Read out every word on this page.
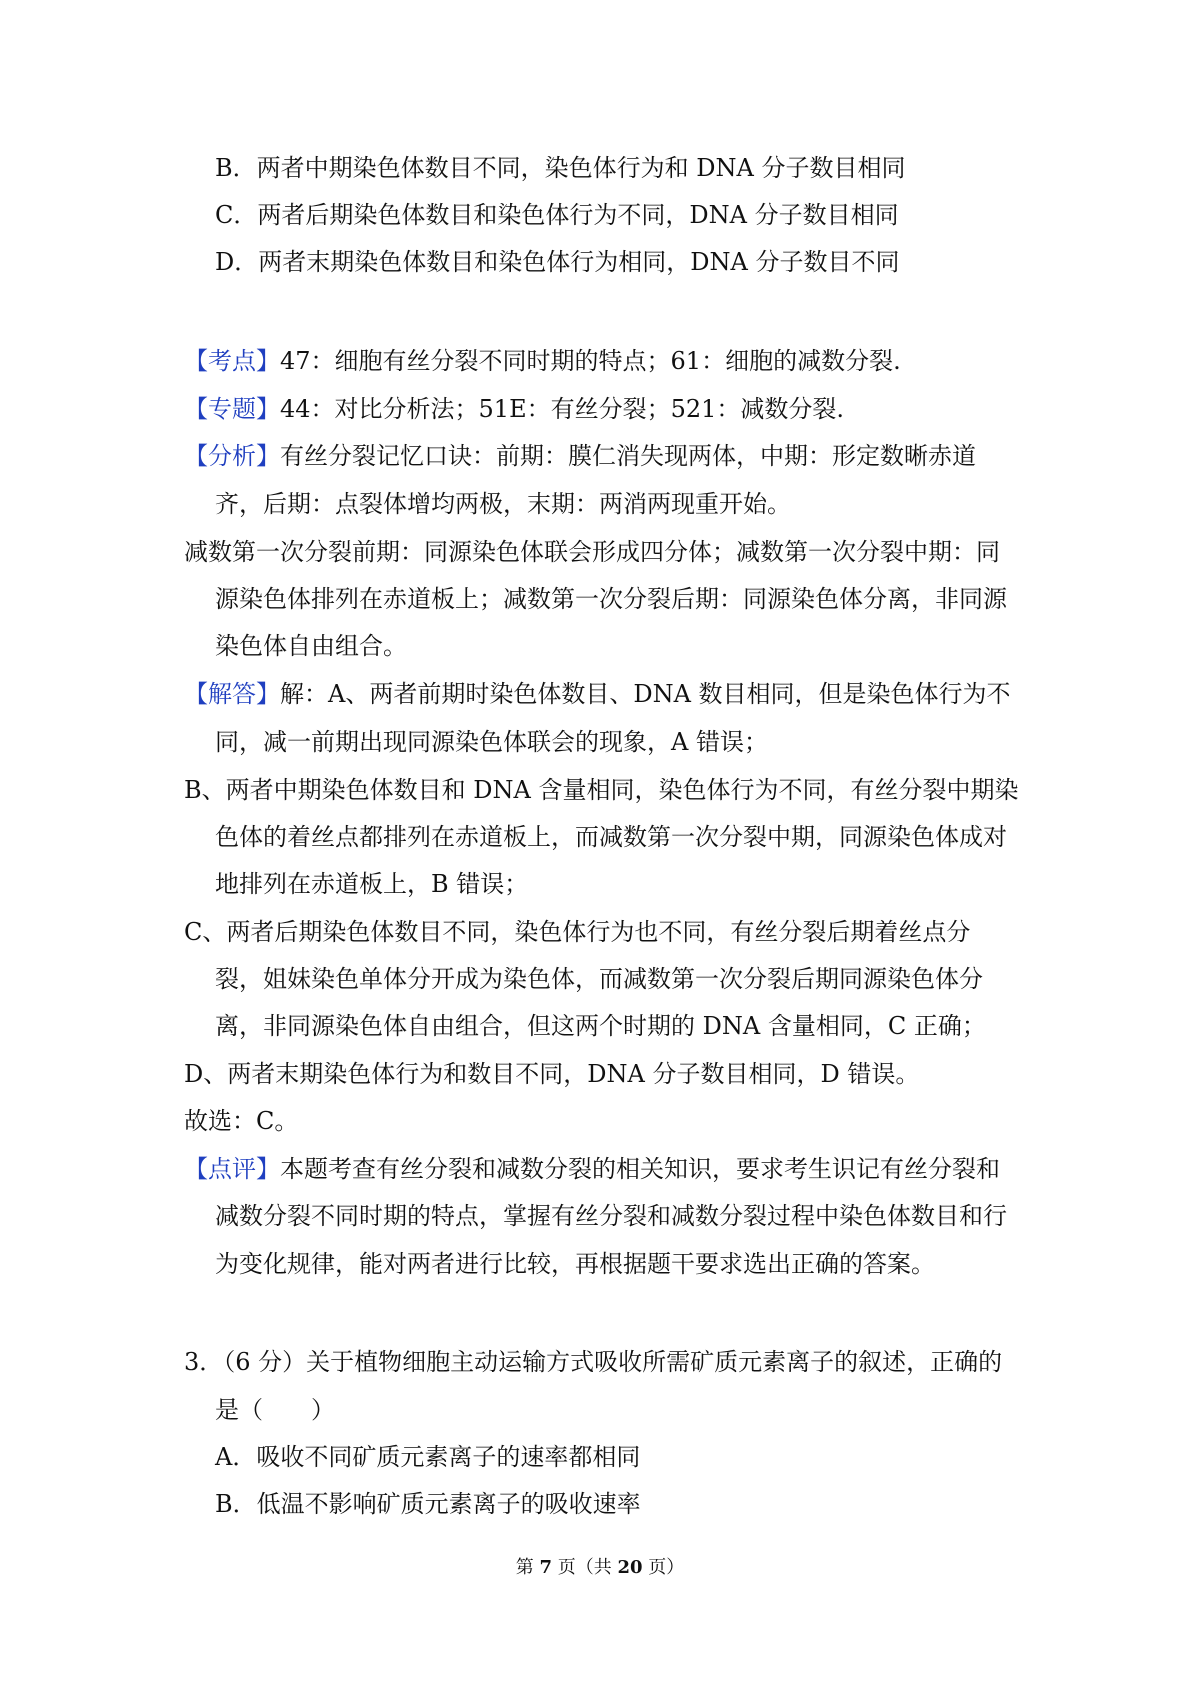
B．两者中期染色体数目不同，染色体行为和 DNA 分子数目相同
C．两者后期染色体数目和染色体行为不同，DNA 分子数目相同
D．两者末期染色体数目和染色体行为相同，DNA 分子数目不同
【考点】47：细胞有丝分裂不同时期的特点；61：细胞的减数分裂.
【专题】44：对比分析法；51E：有丝分裂；521：减数分裂.
【分析】有丝分裂记忆口诀：前期：膜仁消失现两体，中期：形定数晰赤道
齐，后期：点裂体增均两极，末期：两消两现重开始。
减数第一次分裂前期：同源染色体联会形成四分体；减数第一次分裂中期：同
源染色体排列在赤道板上；减数第一次分裂后期：同源染色体分离，非同源
染色体自由组合。
【解答】解：A、两者前期时染色体数目、DNA 数目相同，但是染色体行为不
同，减一前期出现同源染色体联会的现象，A 错误；
B、两者中期染色体数目和 DNA 含量相同，染色体行为不同，有丝分裂中期染
色体的着丝点都排列在赤道板上，而减数第一次分裂中期，同源染色体成对
地排列在赤道板上，B 错误；
C、两者后期染色体数目不同，染色体行为也不同，有丝分裂后期着丝点分
裂，姐妹染色单体分开成为染色体，而减数第一次分裂后期同源染色体分
离，非同源染色体自由组合，但这两个时期的 DNA 含量相同，C 正确；
D、两者末期染色体行为和数目不同，DNA 分子数目相同，D 错误。
故选：C。
【点评】本题考查有丝分裂和减数分裂的相关知识，要求考生识记有丝分裂和
减数分裂不同时期的特点，掌握有丝分裂和减数分裂过程中染色体数目和行
为变化规律，能对两者进行比较，再根据题干要求选出正确的答案。
3．（6 分）关于植物细胞主动运输方式吸收所需矿质元素离子的叙述，正确的
是（　　）
A．吸收不同矿质元素离子的速率都相同
B．低温不影响矿质元素离子的吸收速率
第 7 页（共 20 页）
